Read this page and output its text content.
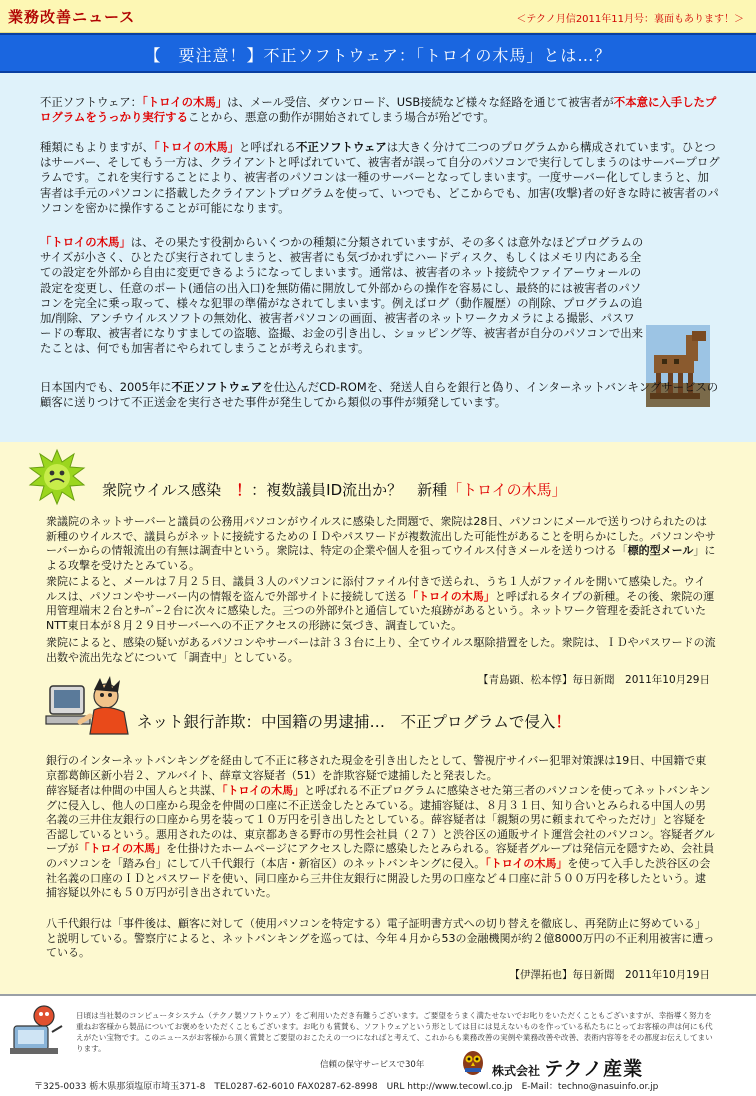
業務改善ニュース	＜テクノ月信2011年11月号：裏面もあります！＞
【　要注意！】不正ソフトウェア：「トロイの木馬」とは…？

不正ソフトウェア：「トロイの木馬」は、メール受信、ダウンロード、USB接続など様々な経路を通じて被害者が不本意に入手したプログラムをうっかり実行することから、悪意の動作が開始されてしまう場合が殆どです。

種類にもよりますが、「トロイの木馬」と呼ばれる不正ソフトウェアは大きく分けて二つのプログラムから構成されています。ひとつはサーバー、そしてもう一方は、クライアントと呼ばれていて、被害者が誤って自分のパソコンで実行してしまうのはサーバープログラムです。これを実行することにより、被害者のパソコンは一種のサーバーとなってしまいます。一度サーバー化してしまうと、加害者は手元のパソコンに搭載したクライアントプログラムを使って、いつでも、どこからでも、加害(攻撃)者の好きな時に被害者のパソコンを密かに操作することが可能になります。

「トロイの木馬」は、その果たす役割からいくつかの種類に分類されていますが、その多くは意外なほどプログラムのサイズが小さく、ひとたび実行されてしまうと、被害者にも気づかれずにハードディスク、もしくはメモリ内にある全ての設定を外部から自由に変更できるようになってしまいます。通常は、被害者のネット接続やファイアーウォールの設定を変更し、任意のポート(通信の出入口)を無防備に開放して外部からの操作を容易にし、最終的には被害者のパソコンを完全に乗っ取って、様々な犯罪の準備がなされてしまいます。例えばログ（動作履歴）の削除、プログラムの追加/削除、アンチウイルスソフトの無効化、被害者パソコンの画面、被害者のネットワークカメラによる撮影、パスワードの奪取、被害者になりすましての盗聴、盗撮、お金の引き出し、ショッピング等、被害者が自分のパソコンで出来たことは、何でも加害者にやられてしまうことが考えられます。

日本国内でも、2005年に不正ソフトウェアを仕込んだCD-ROMを、発送人自らを銀行と偽り、インターネットバンキングサービスの顧客に送りつけて不正送金を実行させた事件が発生してから類似の事件が頻発しています。

衆院ウイルス感染　 ！：複数議員ID流出か？　新種「トロイの木馬」

衆議院のネットサーバーと議員の公務用パソコンがウイルスに感染した問題で、衆院は28日、パソコンにメールで送りつけられたのは新種のウイルスで、議員らがネットに接続するためのＩＤやパスワードが複数流出した可能性があることを明らかにした。パソコンやサーバーからの情報流出の有無は調査中という。衆院は、特定の企業や個人を狙ってウイルス付きメールを送りつける「標的型メール」による攻撃を受けたとみている。

衆院によると、メールは７月２５日、議員３人のパソコンに添付ファイル付きで送られ、うち１人がファイルを開いて感染した。ウイルスは、パソコンやサーバー内の情報を盗んで外部サイトに接続して送る「トロイの木馬」と呼ばれるタイプの新種。その後、衆院の運用管理端末２台とｻｰﾊﾞｰ２台に次々に感染した。三つの外部ｻｲﾄと通信していた痕跡があるという。ネットワーク管理を委託されていたNTT東日本が８月２９日サーバーへの不正アクセスの形跡に気づき、調査していた。

衆院によると、感染の疑いがあるパソコンやサーバーは計３３台に上り、全てウイルス駆除措置をした。衆院は、ＩＤやパスワードの流出数や流出先などについて「調査中」としている。

【青島顕、松本惇】毎日新聞　2011年10月29日
ネット銀行詐欺：中国籍の男逮捕…　不正プログラムで侵入！

銀行のインターネットバンキングを経由して不正に移された現金を引き出したとして、警視庁サイバー犯罪対策課は19日、中国籍で東京都葛飾区新小岩２、アルバイト、薛章文容疑者（51）を詐欺容疑で逮捕したと発表した。

薛容疑者は仲間の中国人らと共謀、「トロイの木馬」と呼ばれる不正プログラムに感染させた第三者のパソコンを使ってネットバンキングに侵入し、他人の口座から現金を仲間の口座に不正送金したとみている。逮捕容疑は、８月３１日、知り合いとみられる中国人の男名義の三井住友銀行の口座から男を装って１０万円を引き出したとしている。薛容疑者は「親類の男に頼まれてやっただけ」と容疑を否認しているという。悪用されたのは、東京都あきる野市の男性会社員（２７）と渋谷区の通販サイト運営会社のパソコン。容疑者グループが「トロイの木馬」を仕掛けたホームページにアクセスした際に感染したとみられる。容疑者グループは発信元を隠すため、会社員のパソコンを「踏み台」にして八千代銀行（本店・新宿区）のネットバンキングに侵入。「トロイの木馬」を使って入手した渋谷区の会社名義の口座のＩＤとパスワードを使い、同口座から三井住友銀行に開設した男の口座など４口座に計５００万円を移したという。逮捕容疑以外にも５０万円が引き出されていた。

八千代銀行は「事件後は、顧客に対して（使用パソコンを特定する）電子証明書方式への切り替えを徹底し、再発防止に努めている」と説明している。警察庁によると、ネットバンキングを巡っては、今年４月から53の金融機関が約２億8000万円の不正利用被害に遭っている。

【伊澤拓也】毎日新聞　2011年10月19日
日頃は当社製のコンピュータシステム（テクノ製ソフトウェア）をご利用いただき有難うございます。ご要望をうまく満たせないでお叱りをいただくこともございますが、幸指導く努力を重ねお客様から製品についてお褒めをいただくこともございます。お叱りも賞賛も、ソフトウェアという形としては目には見えないものを作っている私たちにとってお客様の声は何にも代えがたい宝物です。このニュースがお客様から頂く賞賛とご要望のおこたえの一つになればと考えて、これからも業務改善の実例や業務改善や改善、表術内容等をその都度お伝えしてまいります。
信頼の保守サービスで30年	株式会社 テクノ産業
〒325-0033 栃木県那須塩原市埼玉371-8　TEL0287-62-6010 FAX0287-62-8998　URL http://www.tecowl.co.jp　E-Mail：techno@nasuinfo.or.jp
